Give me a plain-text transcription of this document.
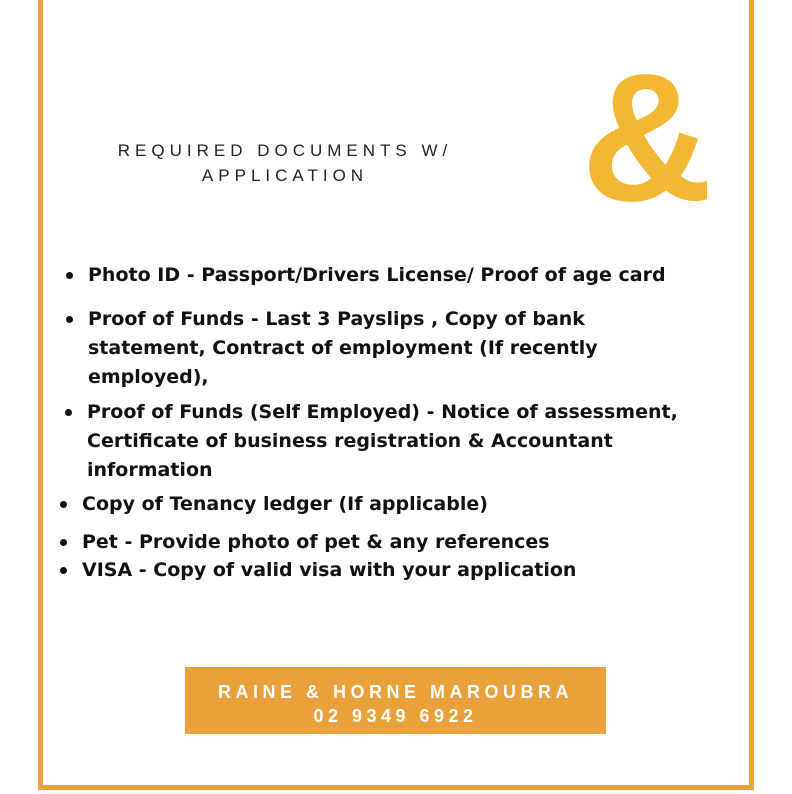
REQUIRED DOCUMENTS W/
APPLICATION	&
Photo ID - Passport/Drivers License/ Proof of age card
Proof of Funds - Last 3 Payslips , Copy of bank statement, Contract of employment (If recently employed),
Proof of Funds (Self Employed) - Notice of assessment, Certificate of business registration & Accountant information
Copy of Tenancy ledger (If applicable)
Pet - Provide photo of pet & any references
VISA - Copy of valid visa with your application
RAINE & HORNE MAROUBRA
02 9349 6922
